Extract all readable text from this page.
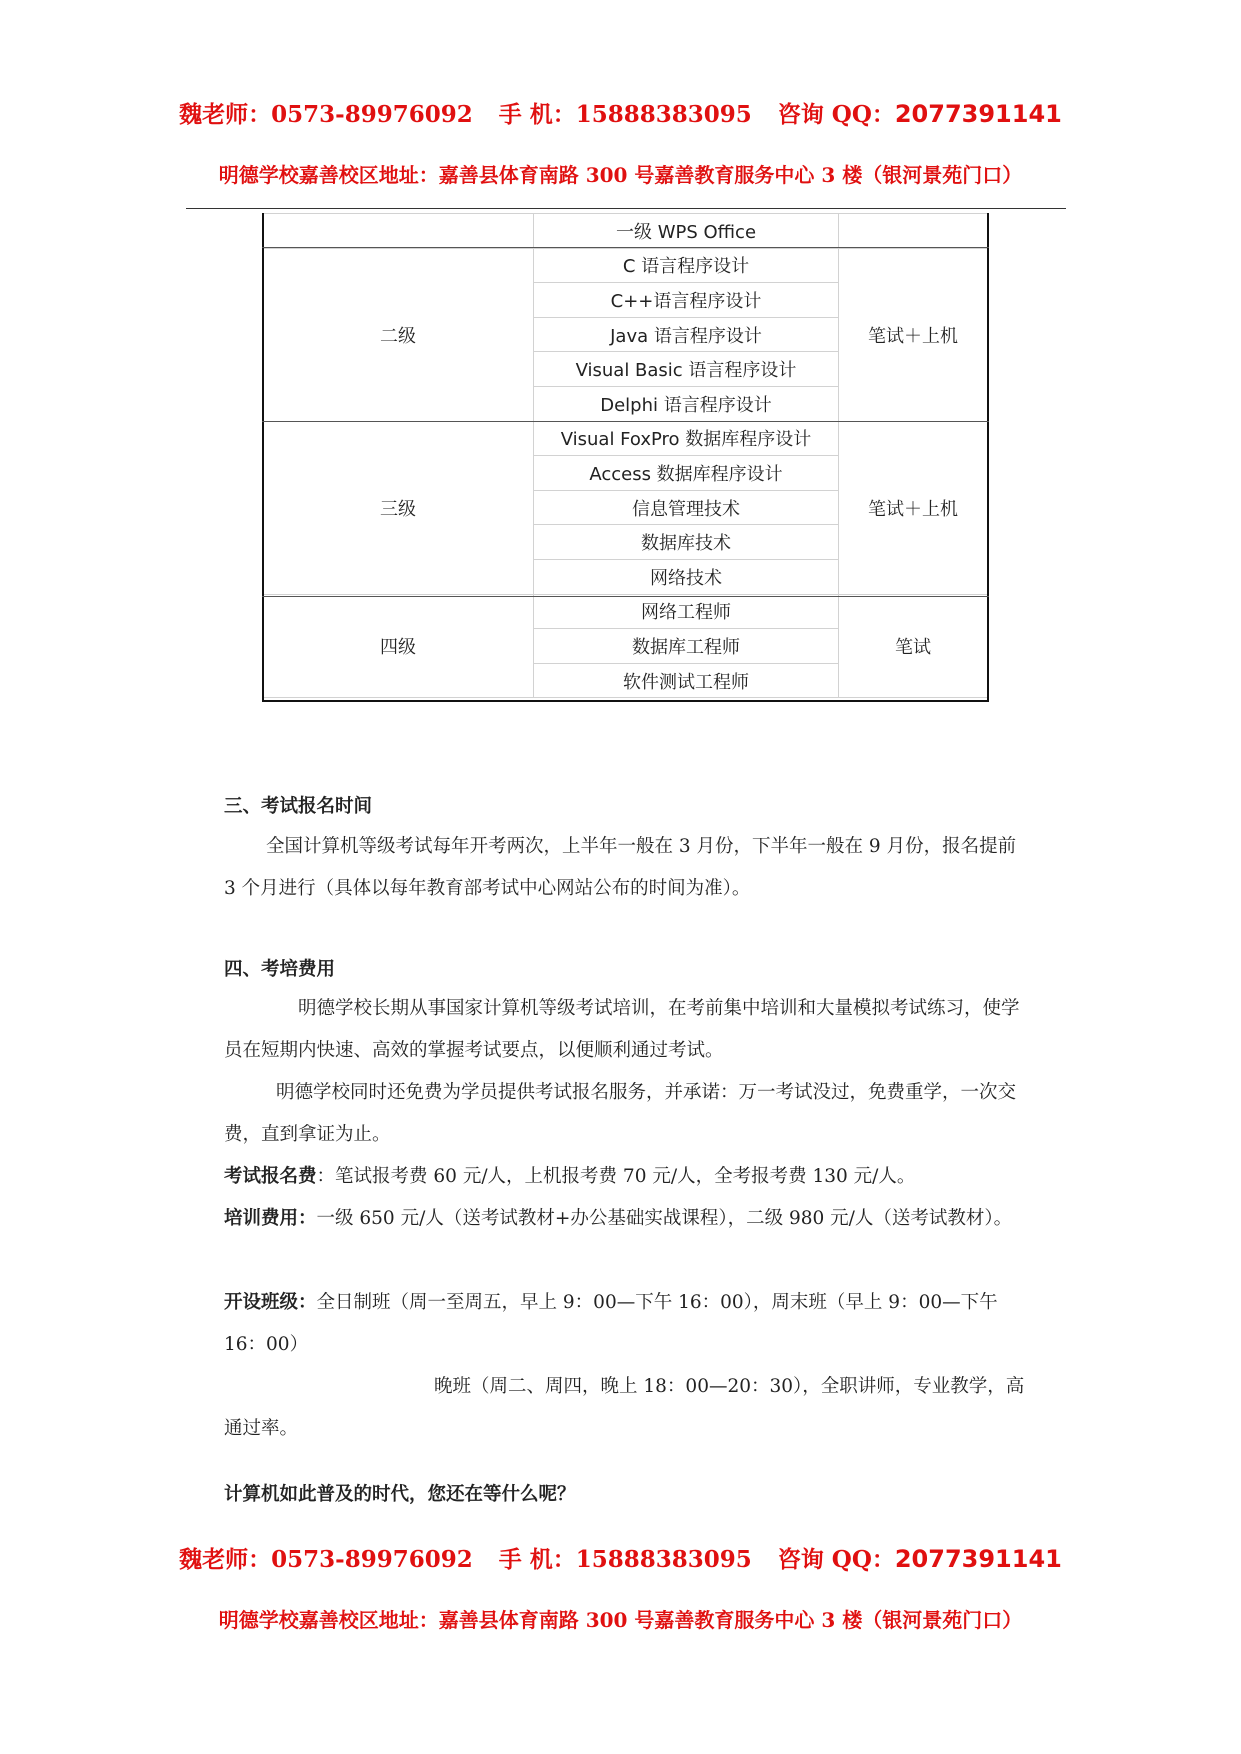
魏老师：0573-89976092 手 机：15888383095 咨询 QQ：2077391141
明德学校嘉善校区地址：嘉善县体育南路 300 号嘉善教育服务中心 3 楼（银河景苑门口）
	一级 WPS Office	
二级	C 语言程序设计	笔试＋上机
	C++语言程序设计	
	Java 语言程序设计	
	Visual Basic 语言程序设计	
	Delphi 语言程序设计	
三级	Visual FoxPro 数据库程序设计	笔试＋上机
	Access 数据库程序设计	
	信息管理技术	
	数据库技术	
	网络技术	
四级	网络工程师	笔试
	数据库工程师	
	软件测试工程师	
三、考试报名时间
全国计算机等级考试每年开考两次，上半年一般在 3 月份，下半年一般在 9 月份，报名提前 3 个月进行（具体以每年教育部考试中心网站公布的时间为准）。
四、考培费用
明德学校长期从事国家计算机等级考试培训，在考前集中培训和大量模拟考试练习，使学员在短期内快速、高效的掌握考试要点，以便顺利通过考试。
明德学校同时还免费为学员提供考试报名服务，并承诺：万一考试没过，免费重学，一次交费，直到拿证为止。
考试报名费：笔试报考费 60 元/人，上机报考费 70 元/人，全考报考费 130 元/人。
培训费用：一级 650 元/人（送考试教材+办公基础实战课程），二级 980 元/人（送考试教材）。
开设班级：全日制班（周一至周五，早上 9：00—下午 16：00），周末班（早上 9：00—下午 16：00）
晚班（周二、周四，晚上 18：00—20：30），全职讲师，专业教学，高通过率。
计算机如此普及的时代，您还在等什么呢？
魏老师：0573-89976092 手 机：15888383095 咨询 QQ：2077391141
明德学校嘉善校区地址：嘉善县体育南路 300 号嘉善教育服务中心 3 楼（银河景苑门口）
